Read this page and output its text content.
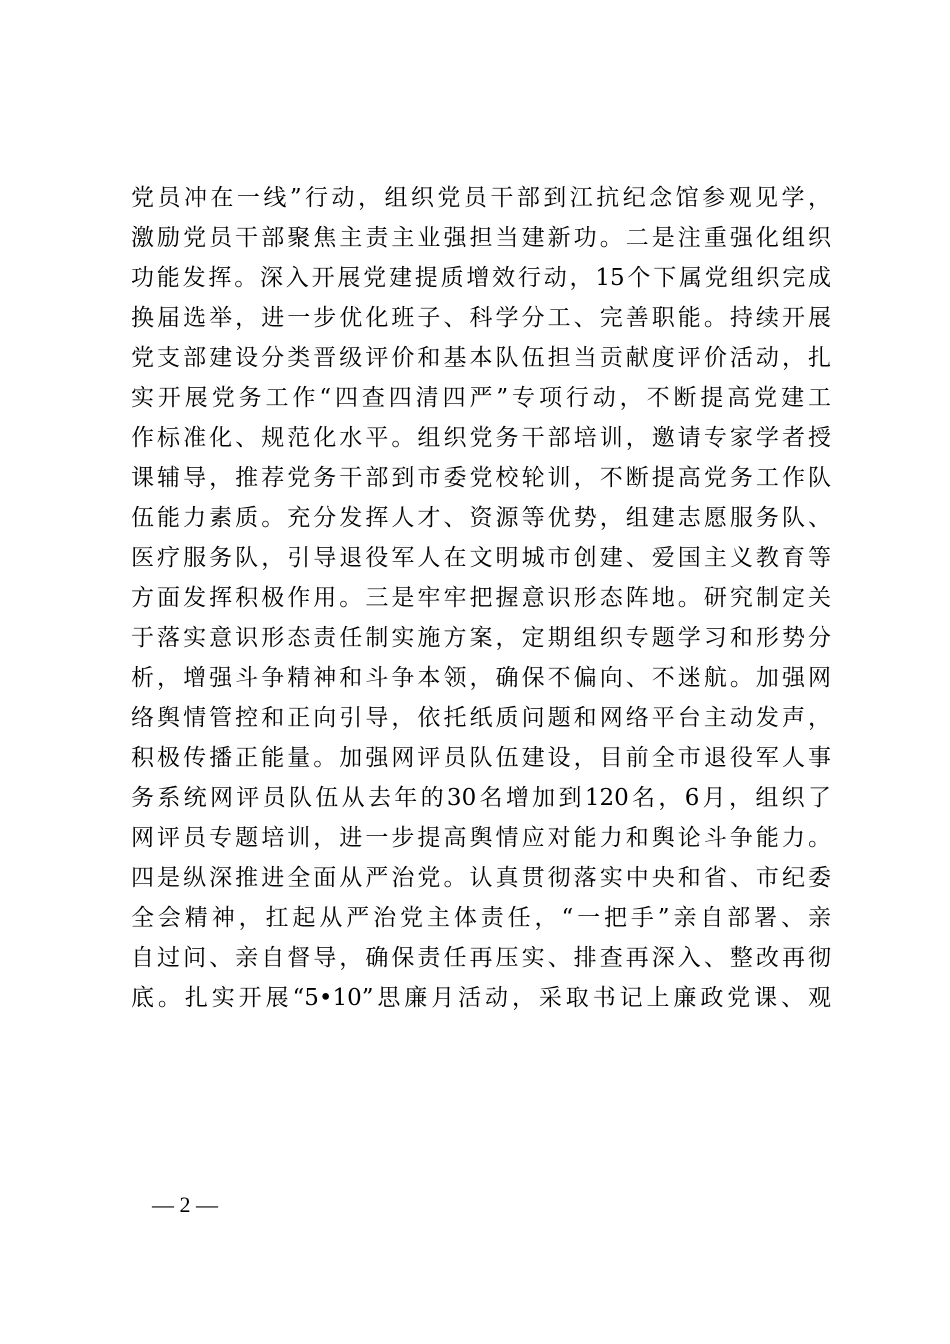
党员冲在一线”行动，组织党员干部到江抗纪念馆参观见学，
激励党员干部聚焦主责主业强担当建新功。二是注重强化组织
功能发挥。深入开展党建提质增效行动，15个下属党组织完成
换届选举，进一步优化班子、科学分工、完善职能。持续开展
党支部建设分类晋级评价和基本队伍担当贡献度评价活动，扎
实开展党务工作“四查四清四严”专项行动，不断提高党建工
作标准化、规范化水平。组织党务干部培训，邀请专家学者授
课辅导，推荐党务干部到市委党校轮训，不断提高党务工作队
伍能力素质。充分发挥人才、资源等优势，组建志愿服务队、
医疗服务队，引导退役军人在文明城市创建、爱国主义教育等
方面发挥积极作用。三是牢牢把握意识形态阵地。研究制定关
于落实意识形态责任制实施方案，定期组织专题学习和形势分
析，增强斗争精神和斗争本领，确保不偏向、不迷航。加强网
络舆情管控和正向引导，依托纸质问题和网络平台主动发声，
积极传播正能量。加强网评员队伍建设，目前全市退役军人事
务系统网评员队伍从去年的30名增加到120名，6月，组织了
网评员专题培训，进一步提高舆情应对能力和舆论斗争能力。
四是纵深推进全面从严治党。认真贯彻落实中央和省、市纪委
全会精神，扛起从严治党主体责任，“一把手”亲自部署、亲
自过问、亲自督导，确保责任再压实、排查再深入、整改再彻
底。扎实开展“5•10”思廉月活动，采取书记上廉政党课、观
— 2 —
